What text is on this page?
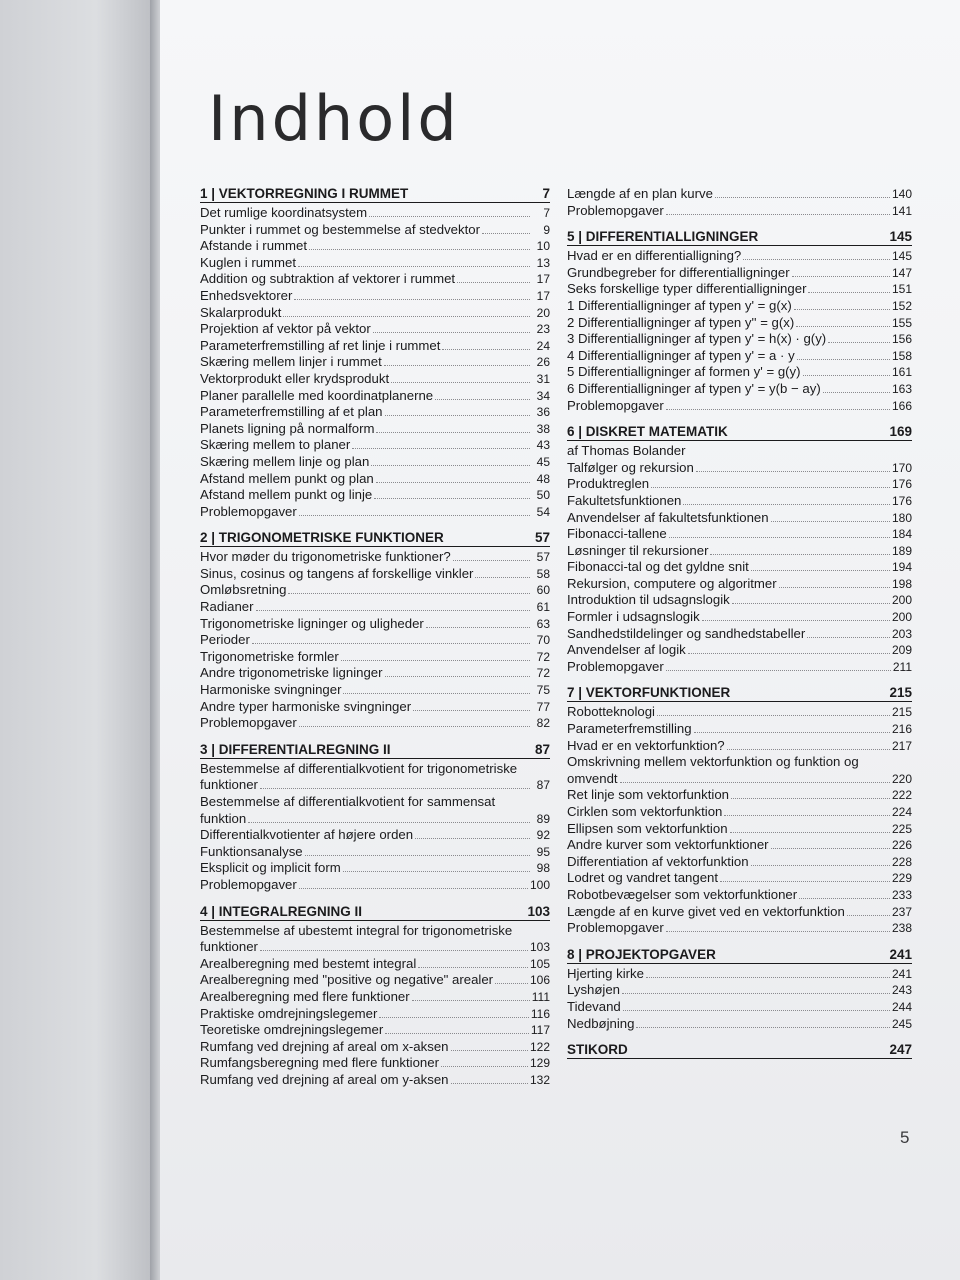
Indhold
1 | VEKTORREGNING I RUMMET	7
Det rumlige koordinatsystem	7
Punkter i rummet og bestemmelse af stedvektor	9
Afstande i rummet	10
Kuglen i rummet	13
Addition og subtraktion af vektorer i rummet	17
Enhedsvektorer	17
Skalarprodukt	20
Projektion af vektor på vektor	23
Parameterfremstilling af ret linje i rummet	24
Skæring mellem linjer i rummet	26
Vektorprodukt eller krydsprodukt	31
Planer parallelle med koordinatplanerne	34
Parameterfremstilling af et plan	36
Planets ligning på normalform	38
Skæring mellem to planer	43
Skæring mellem linje og plan	45
Afstand mellem punkt og plan	48
Afstand mellem punkt og linje	50
Problemopgaver	54
2 | TRIGONOMETRISKE FUNKTIONER	57
Hvor møder du trigonometriske funktioner?	57
Sinus, cosinus og tangens af forskellige vinkler	58
Omløbsretning	60
Radianer	61
Trigonometriske ligninger og uligheder	63
Perioder	70
Trigonometriske formler	72
Andre trigonometriske ligninger	72
Harmoniske svingninger	75
Andre typer harmoniske svingninger	77
Problemopgaver	82
3 | DIFFERENTIALREGNING II	87
Bestemmelse af differentialkvotient for trigonometriske
funktioner	87
Bestemmelse af differentialkvotient for sammensat
funktion	89
Differentialkvotienter af højere orden	92
Funktionsanalyse	95
Eksplicit og implicit form	98
Problemopgaver	100
4 | INTEGRALREGNING II	103
Bestemmelse af ubestemt integral for trigonometriske
funktioner	103
Arealberegning med bestemt integral	105
Arealberegning med "positive og negative" arealer	106
Arealberegning med flere funktioner	111
Praktiske omdrejningslegemer	116
Teoretiske omdrejningslegemer	117
Rumfang ved drejning af areal om x-aksen	122
Rumfangsberegning med flere funktioner	129
Rumfang ved drejning af areal om y-aksen	132
Længde af en plan kurve	140
Problemopgaver	141
5 | DIFFERENTIALLIGNINGER	145
Hvad er en differentialligning?	145
Grundbegreber for differentialligninger	147
Seks forskellige typer differentialligninger	151
1 Differentialligninger af typen y' = g(x)	152
2 Differentialligninger af typen y'' = g(x)	155
3 Differentialligninger af typen y' = h(x) · g(y)	156
4 Differentialligninger af typen y' = a · y	158
5 Differentialligninger af formen y' = g(y)	161
6 Differentialligninger af typen y' = y(b − ay)	163
Problemopgaver	166
6 | DISKRET MATEMATIK	169
af Thomas Bolander
Talfølger og rekursion	170
Produktreglen	176
Fakultetsfunktionen	176
Anvendelser af fakultetsfunktionen	180
Fibonacci-tallene	184
Løsninger til rekursioner	189
Fibonacci-tal og det gyldne snit	194
Rekursion, computere og algoritmer	198
Introduktion til udsagnslogik	200
Formler i udsagnslogik	200
Sandhedstildelinger og sandhedstabeller	203
Anvendelser af logik	209
Problemopgaver	211
7 | VEKTORFUNKTIONER	215
Robotteknologi	215
Parameterfremstilling	216
Hvad er en vektorfunktion?	217
Omskrivning mellem vektorfunktion og funktion og
omvendt	220
Ret linje som vektorfunktion	222
Cirklen som vektorfunktion	224
Ellipsen som vektorfunktion	225
Andre kurver som vektorfunktioner	226
Differentiation af vektorfunktion	228
Lodret og vandret tangent	229
Robotbevægelser som vektorfunktioner	233
Længde af en kurve givet ved en vektorfunktion	237
Problemopgaver	238
8 | PROJEKTOPGAVER	241
Hjerting kirke	241
Lyshøjen	243
Tidevand	244
Nedbøjning	245
STIKORD	247
5
